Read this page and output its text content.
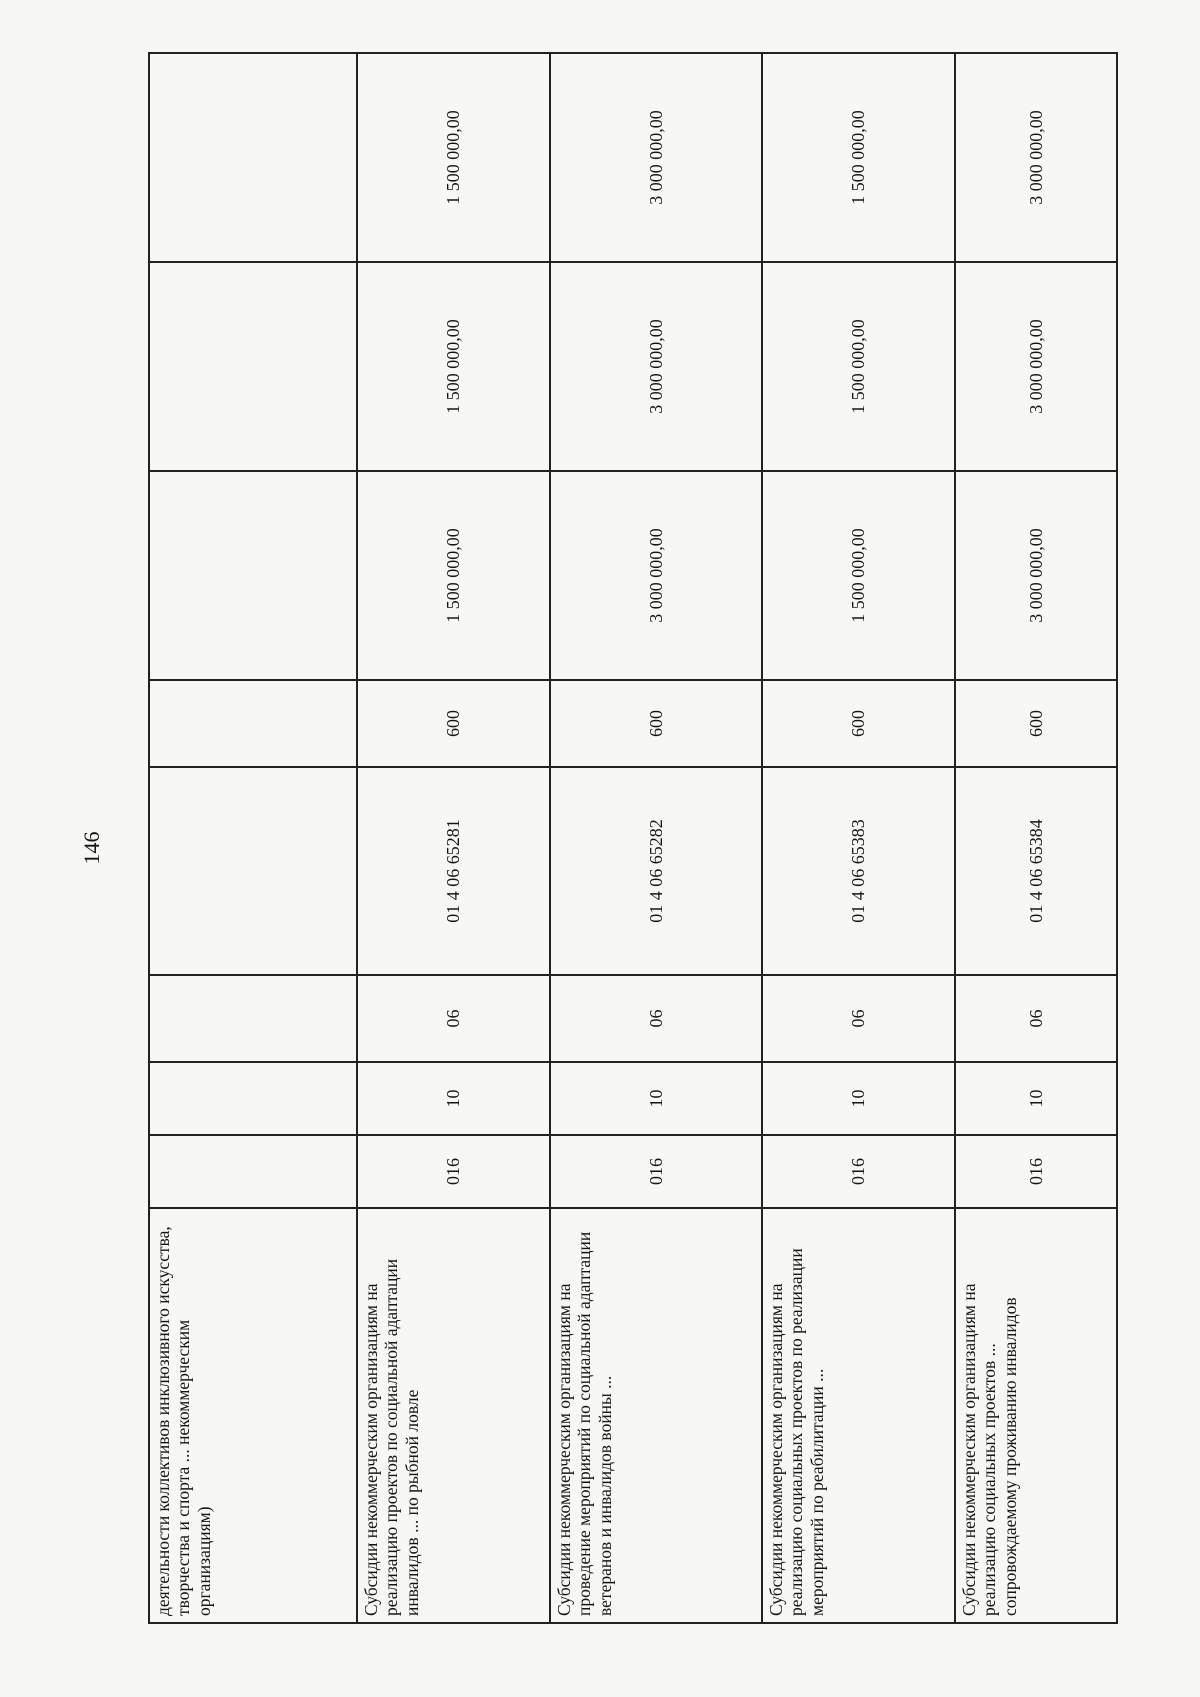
146
деятельности коллективов инклюзивного искусства, творчества и спорта ... некоммерческим организациям)								
Субсидии некоммерческим организациям на реализацию проектов по социальной адаптации инвалидов ... по рыбной ловле	016	10	06	01 4 06 65281	600	1 500 000,00	1 500 000,00	1 500 000,00
Субсидии некоммерческим организациям на проведение мероприятий по социальной адаптации ветеранов и инвалидов войны ...	016	10	06	01 4 06 65282	600	3 000 000,00	3 000 000,00	3 000 000,00
Субсидии некоммерческим организациям на реализацию социальных проектов по реализации мероприятий по реабилитации ...	016	10	06	01 4 06 65383	600	1 500 000,00	1 500 000,00	1 500 000,00
Субсидии некоммерческим организациям на реализацию социальных проектов ... сопровождаемому проживанию инвалидов	016	10	06	01 4 06 65384	600	3 000 000,00	3 000 000,00	3 000 000,00
